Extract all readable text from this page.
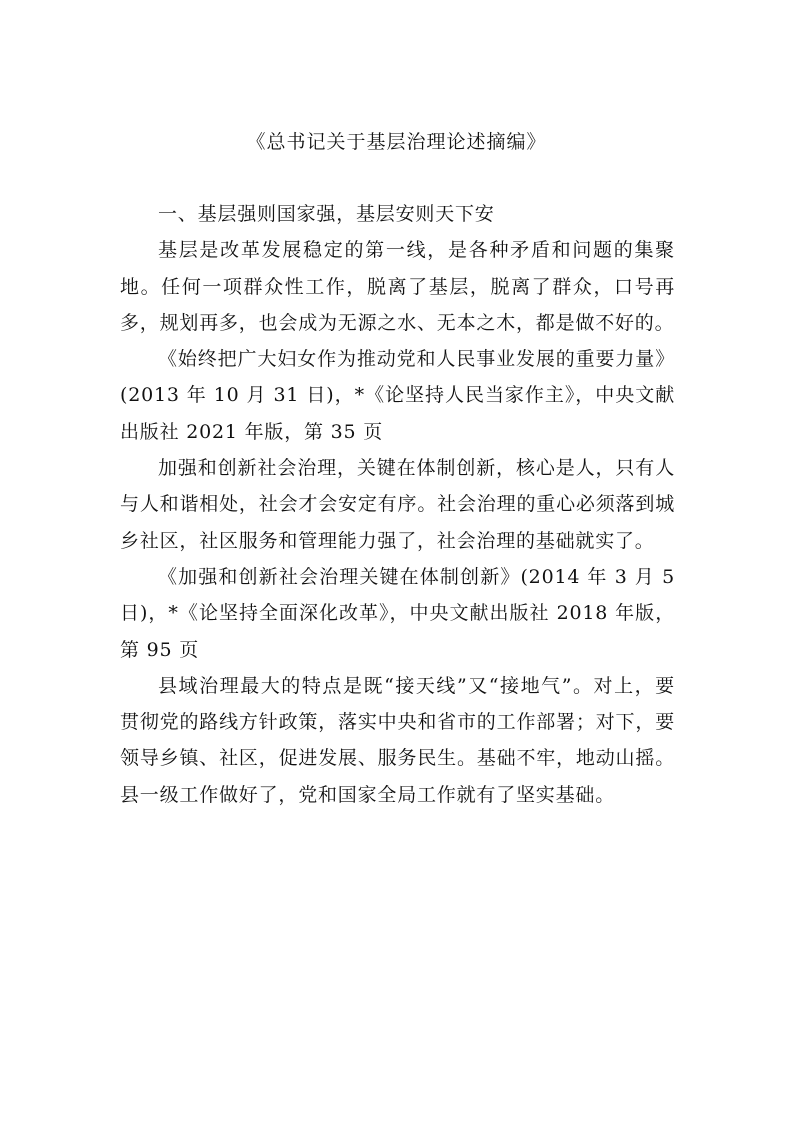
《总书记关于基层治理论述摘编》

一、基层强则国家强，基层安则天下安

基层是改革发展稳定的第一线，是各种矛盾和问题的集聚地。任何一项群众性工作，脱离了基层，脱离了群众，口号再多，规划再多，也会成为无源之水、无本之木，都是做不好的。

《始终把广大妇女作为推动党和人民事业发展的重要力量》(2013 年 10 月 31 日)，*《论坚持人民当家作主》，中央文献出版社 2021 年版，第 35 页

加强和创新社会治理，关键在体制创新，核心是人，只有人与人和谐相处，社会才会安定有序。社会治理的重心必须落到城乡社区，社区服务和管理能力强了，社会治理的基础就实了。

《加强和创新社会治理关键在体制创新》(2014 年 3 月 5 日)，*《论坚持全面深化改革》，中央文献出版社 2018 年版，第 95 页

县域治理最大的特点是既“接天线”又“接地气”。对上，要贯彻党的路线方针政策，落实中央和省市的工作部署；对下，要领导乡镇、社区，促进发展、服务民生。基础不牢，地动山摇。县一级工作做好了，党和国家全局工作就有了坚实基础。
